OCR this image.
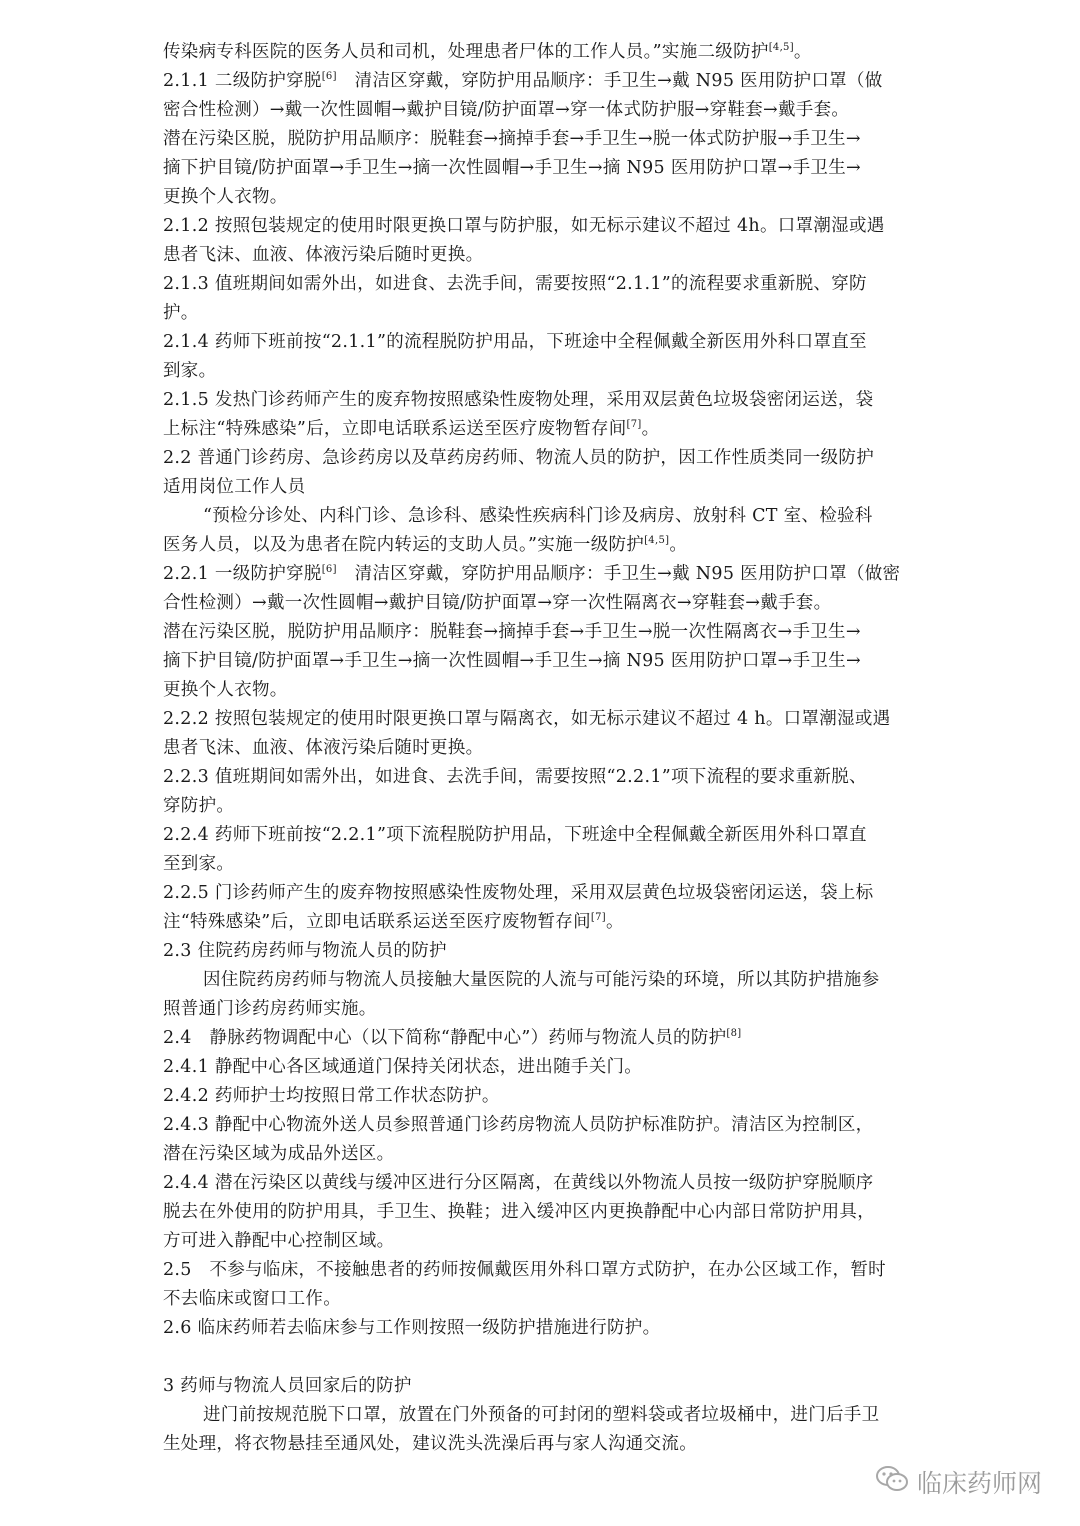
传染病专科医院的医务人员和司机，处理患者尸体的工作人员。”实施二级防护[4,5]。
2.1.1 二级防护穿脱[6]　清洁区穿戴，穿防护用品顺序：手卫生→戴 N95 医用防护口罩（做
密合性检测）→戴一次性圆帽→戴护目镜/防护面罩→穿一体式防护服→穿鞋套→戴手套。
潜在污染区脱，脱防护用品顺序：脱鞋套→摘掉手套→手卫生→脱一体式防护服→手卫生→
摘下护目镜/防护面罩→手卫生→摘一次性圆帽→手卫生→摘 N95 医用防护口罩→手卫生→
更换个人衣物。
2.1.2 按照包装规定的使用时限更换口罩与防护服，如无标示建议不超过 4h。口罩潮湿或遇
患者飞沫、血液、体液污染后随时更换。
2.1.3 值班期间如需外出，如进食、去洗手间，需要按照“2.1.1”的流程要求重新脱、穿防
护。
2.1.4 药师下班前按“2.1.1”的流程脱防护用品，下班途中全程佩戴全新医用外科口罩直至
到家。
2.1.5 发热门诊药师产生的废弃物按照感染性废物处理，采用双层黄色垃圾袋密闭运送，袋
上标注“特殊感染”后，立即电话联系运送至医疗废物暂存间[7]。
2.2 普通门诊药房、急诊药房以及草药房药师、物流人员的防护，因工作性质类同一级防护
适用岗位工作人员
“预检分诊处、内科门诊、急诊科、感染性疾病科门诊及病房、放射科 CT 室、检验科
医务人员，以及为患者在院内转运的支助人员。”实施一级防护[4,5]。
2.2.1 一级防护穿脱[6]　清洁区穿戴，穿防护用品顺序：手卫生→戴 N95 医用防护口罩（做密
合性检测）→戴一次性圆帽→戴护目镜/防护面罩→穿一次性隔离衣→穿鞋套→戴手套。
潜在污染区脱，脱防护用品顺序：脱鞋套→摘掉手套→手卫生→脱一次性隔离衣→手卫生→
摘下护目镜/防护面罩→手卫生→摘一次性圆帽→手卫生→摘 N95 医用防护口罩→手卫生→
更换个人衣物。
2.2.2 按照包装规定的使用时限更换口罩与隔离衣，如无标示建议不超过 4 h。口罩潮湿或遇
患者飞沫、血液、体液污染后随时更换。
2.2.3 值班期间如需外出，如进食、去洗手间，需要按照“2.2.1”项下流程的要求重新脱、
穿防护。
2.2.4 药师下班前按“2.2.1”项下流程脱防护用品，下班途中全程佩戴全新医用外科口罩直
至到家。
2.2.5 门诊药师产生的废弃物按照感染性废物处理，采用双层黄色垃圾袋密闭运送，袋上标
注“特殊感染”后，立即电话联系运送至医疗废物暂存间[7]。
2.3 住院药房药师与物流人员的防护
因住院药房药师与物流人员接触大量医院的人流与可能污染的环境，所以其防护措施参
照普通门诊药房药师实施。
2.4　静脉药物调配中心（以下简称“静配中心”）药师与物流人员的防护[8]
2.4.1 静配中心各区域通道门保持关闭状态，进出随手关门。
2.4.2 药师护士均按照日常工作状态防护。
2.4.3 静配中心物流外送人员参照普通门诊药房物流人员防护标准防护。清洁区为控制区，
潜在污染区域为成品外送区。
2.4.4 潜在污染区以黄线与缓冲区进行分区隔离，在黄线以外物流人员按一级防护穿脱顺序
脱去在外使用的防护用具，手卫生、换鞋；进入缓冲区内更换静配中心内部日常防护用具，
方可进入静配中心控制区域。
2.5　不参与临床，不接触患者的药师按佩戴医用外科口罩方式防护，在办公区域工作，暂时
不去临床或窗口工作。
2.6 临床药师若去临床参与工作则按照一级防护措施进行防护。
3 药师与物流人员回家后的防护
进门前按规范脱下口罩，放置在门外预备的可封闭的塑料袋或者垃圾桶中，进门后手卫
生处理，将衣物悬挂至通风处，建议洗头洗澡后再与家人沟通交流。
临床药师网
